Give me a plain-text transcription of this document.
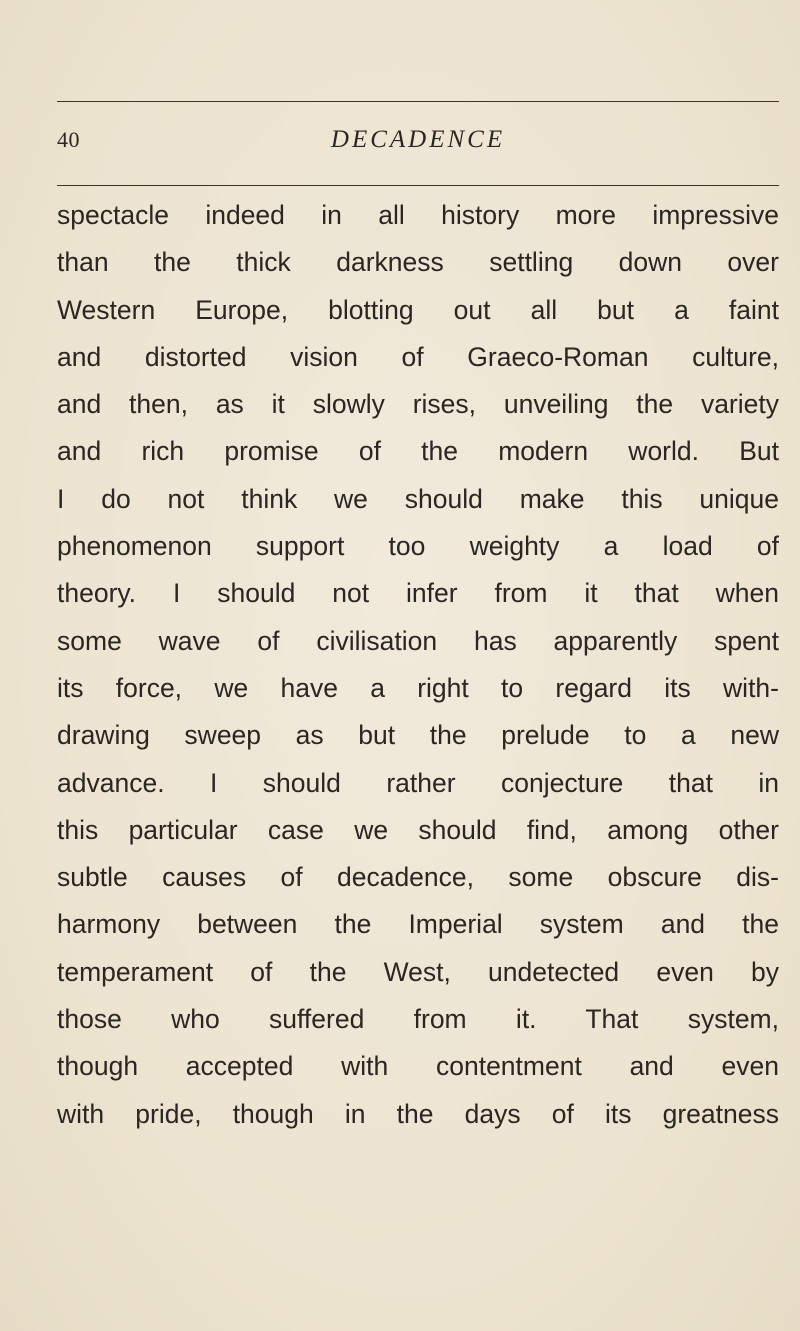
40	DECADENCE
spectacle indeed in all history more impressive
than the thick darkness settling down over
Western Europe, blotting out all but a faint
and distorted vision of Graeco-Roman culture,
and then, as it slowly rises, unveiling the variety
and rich promise of the modern world. But
I do not think we should make this unique
phenomenon support too weighty a load of
theory. I should not infer from it that when
some wave of civilisation has apparently spent
its force, we have a right to regard its with-
drawing sweep as but the prelude to a new
advance. I should rather conjecture that in
this particular case we should find, among other
subtle causes of decadence, some obscure dis-
harmony between the Imperial system and the
temperament of the West, undetected even by
those who suffered from it. That system,
though accepted with contentment and even
with pride, though in the days of its greatness
